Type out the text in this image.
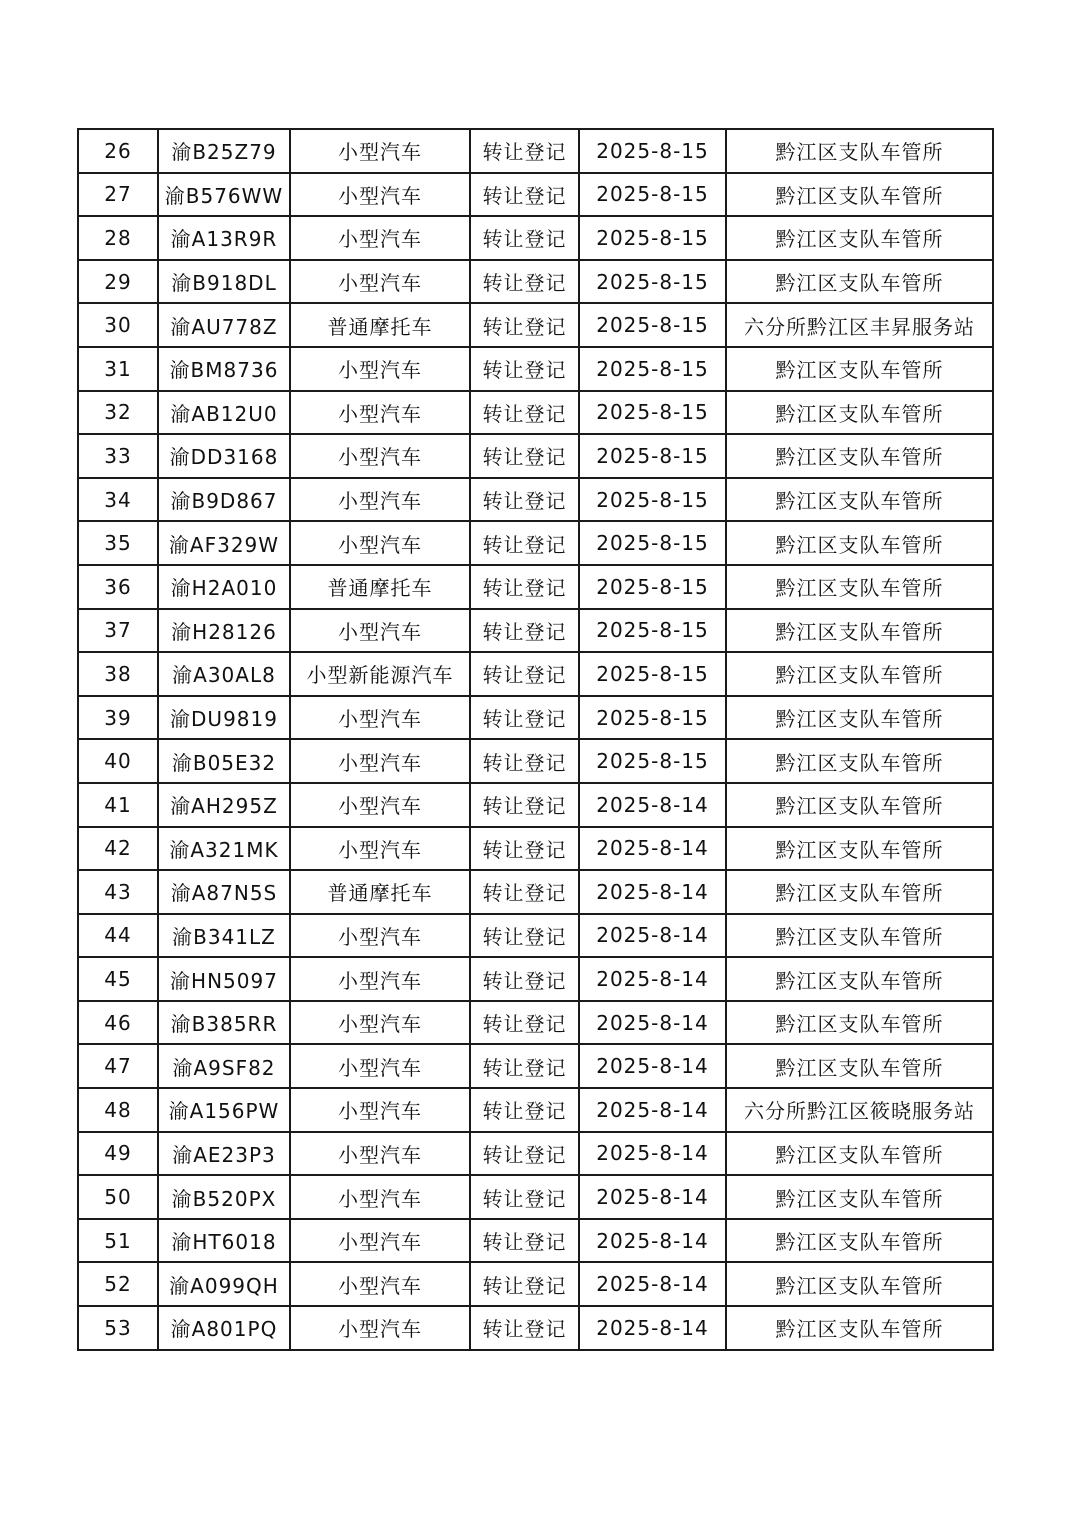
26	渝B25Z79	小型汽车	转让登记	2025-8-15	黔江区支队车管所
27	渝B576WW	小型汽车	转让登记	2025-8-15	黔江区支队车管所
28	渝A13R9R	小型汽车	转让登记	2025-8-15	黔江区支队车管所
29	渝B918DL	小型汽车	转让登记	2025-8-15	黔江区支队车管所
30	渝AU778Z	普通摩托车	转让登记	2025-8-15	六分所黔江区丰昇服务站
31	渝BM8736	小型汽车	转让登记	2025-8-15	黔江区支队车管所
32	渝AB12U0	小型汽车	转让登记	2025-8-15	黔江区支队车管所
33	渝DD3168	小型汽车	转让登记	2025-8-15	黔江区支队车管所
34	渝B9D867	小型汽车	转让登记	2025-8-15	黔江区支队车管所
35	渝AF329W	小型汽车	转让登记	2025-8-15	黔江区支队车管所
36	渝H2A010	普通摩托车	转让登记	2025-8-15	黔江区支队车管所
37	渝H28126	小型汽车	转让登记	2025-8-15	黔江区支队车管所
38	渝A30AL8	小型新能源汽车	转让登记	2025-8-15	黔江区支队车管所
39	渝DU9819	小型汽车	转让登记	2025-8-15	黔江区支队车管所
40	渝B05E32	小型汽车	转让登记	2025-8-15	黔江区支队车管所
41	渝AH295Z	小型汽车	转让登记	2025-8-14	黔江区支队车管所
42	渝A321MK	小型汽车	转让登记	2025-8-14	黔江区支队车管所
43	渝A87N5S	普通摩托车	转让登记	2025-8-14	黔江区支队车管所
44	渝B341LZ	小型汽车	转让登记	2025-8-14	黔江区支队车管所
45	渝HN5097	小型汽车	转让登记	2025-8-14	黔江区支队车管所
46	渝B385RR	小型汽车	转让登记	2025-8-14	黔江区支队车管所
47	渝A9SF82	小型汽车	转让登记	2025-8-14	黔江区支队车管所
48	渝A156PW	小型汽车	转让登记	2025-8-14	六分所黔江区筱晓服务站
49	渝AE23P3	小型汽车	转让登记	2025-8-14	黔江区支队车管所
50	渝B520PX	小型汽车	转让登记	2025-8-14	黔江区支队车管所
51	渝HT6018	小型汽车	转让登记	2025-8-14	黔江区支队车管所
52	渝A099QH	小型汽车	转让登记	2025-8-14	黔江区支队车管所
53	渝A801PQ	小型汽车	转让登记	2025-8-14	黔江区支队车管所
